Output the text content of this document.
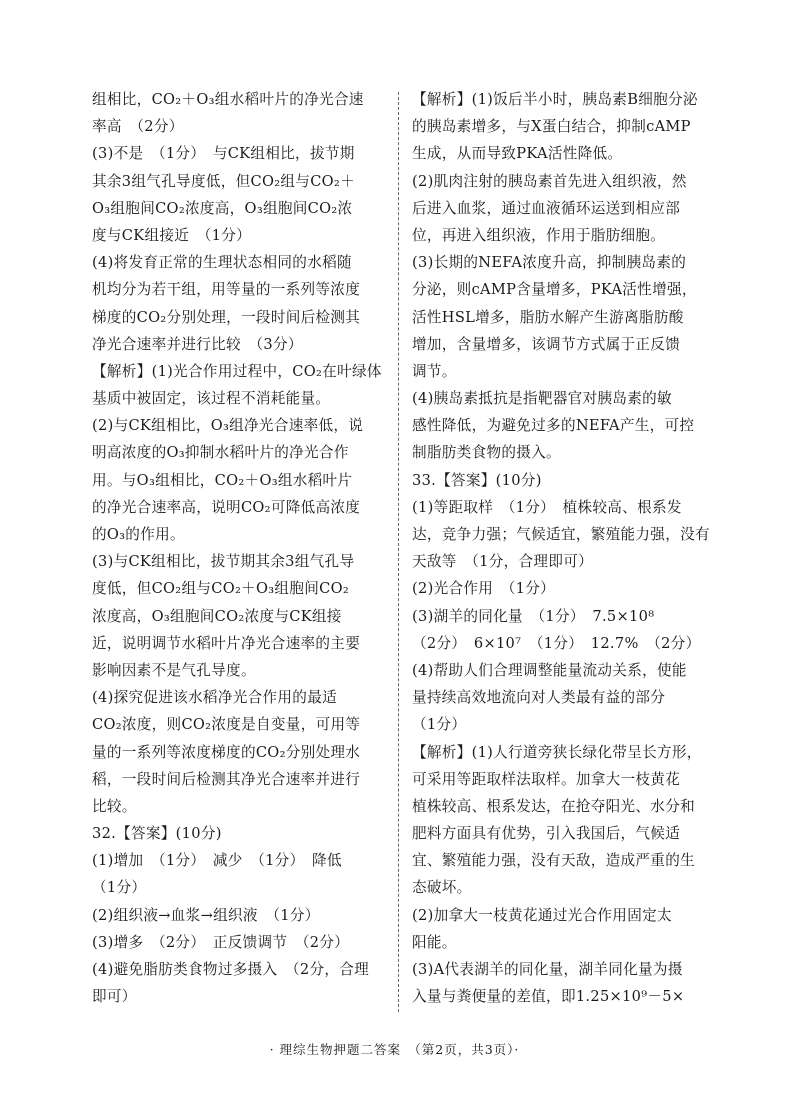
组相比，CO₂＋O₃组水稻叶片的净光合速
率高　（2分）
(3)不是　（1分）　与CK组相比，拔节期
其余3组气孔导度低，但CO₂组与CO₂＋
O₃组胞间CO₂浓度高，O₃组胞间CO₂浓
度与CK组接近　（1分）
(4)将发育正常的生理状态相同的水稻随
机均分为若干组，用等量的一系列等浓度
梯度的CO₂分别处理，一段时间后检测其
净光合速率并进行比较　（3分）
【解析】(1)光合作用过程中，CO₂在叶绿体
基质中被固定，该过程不消耗能量。
(2)与CK组相比，O₃组净光合速率低，说
明高浓度的O₃抑制水稻叶片的净光合作
用。与O₃组相比，CO₂＋O₃组水稻叶片
的净光合速率高，说明CO₂可降低高浓度
的O₃的作用。
(3)与CK组相比，拔节期其余3组气孔导
度低，但CO₂组与CO₂＋O₃组胞间CO₂
浓度高，O₃组胞间CO₂浓度与CK组接
近，说明调节水稻叶片净光合速率的主要
影响因素不是气孔导度。
(4)探究促进该水稻净光合作用的最适
CO₂浓度，则CO₂浓度是自变量，可用等
量的一系列等浓度梯度的CO₂分别处理水
稻，一段时间后检测其净光合速率并进行
比较。
32.【答案】(10分)
(1)增加　（1分）　减少　（1分）　降低
（1分）
(2)组织液→血浆→组织液　（1分）
(3)增多　（2分）　正反馈调节　（2分）
(4)避免脂肪类食物过多摄入　（2分，合理
即可）
【解析】(1)饭后半小时，胰岛素B细胞分泌
的胰岛素增多，与X蛋白结合，抑制cAMP
生成，从而导致PKA活性降低。
(2)肌肉注射的胰岛素首先进入组织液，然
后进入血浆，通过血液循环运送到相应部
位，再进入组织液，作用于脂肪细胞。
(3)长期的NEFA浓度升高，抑制胰岛素的
分泌，则cAMP含量增多，PKA活性增强，
活性HSL增多，脂肪水解产生游离脂肪酸
增加，含量增多，该调节方式属于正反馈
调节。
(4)胰岛素抵抗是指靶器官对胰岛素的敏
感性降低，为避免过多的NEFA产生，可控
制脂肪类食物的摄入。
33.【答案】(10分)
(1)等距取样　（1分）　植株较高、根系发
达，竞争力强；气候适宜，繁殖能力强，没有
天敌等　（1分，合理即可）
(2)光合作用　（1分）
(3)湖羊的同化量　（1分）　7.5×10⁸
（2分）　6×10⁷　（1分）　12.7%　（2分）
(4)帮助人们合理调整能量流动关系，使能
量持续高效地流向对人类最有益的部分
（1分）
【解析】(1)人行道旁狭长绿化带呈长方形，
可采用等距取样法取样。加拿大一枝黄花
植株较高、根系发达，在抢夺阳光、水分和
肥料方面具有优势，引入我国后，气候适
宜、繁殖能力强，没有天敌，造成严重的生
态破坏。
(2)加拿大一枝黄花通过光合作用固定太
阳能。
(3)A代表湖羊的同化量，湖羊同化量为摄
入量与粪便量的差值，即1.25×10⁹－5×
· 理综生物押题二答案　（第2页，共3页）·
